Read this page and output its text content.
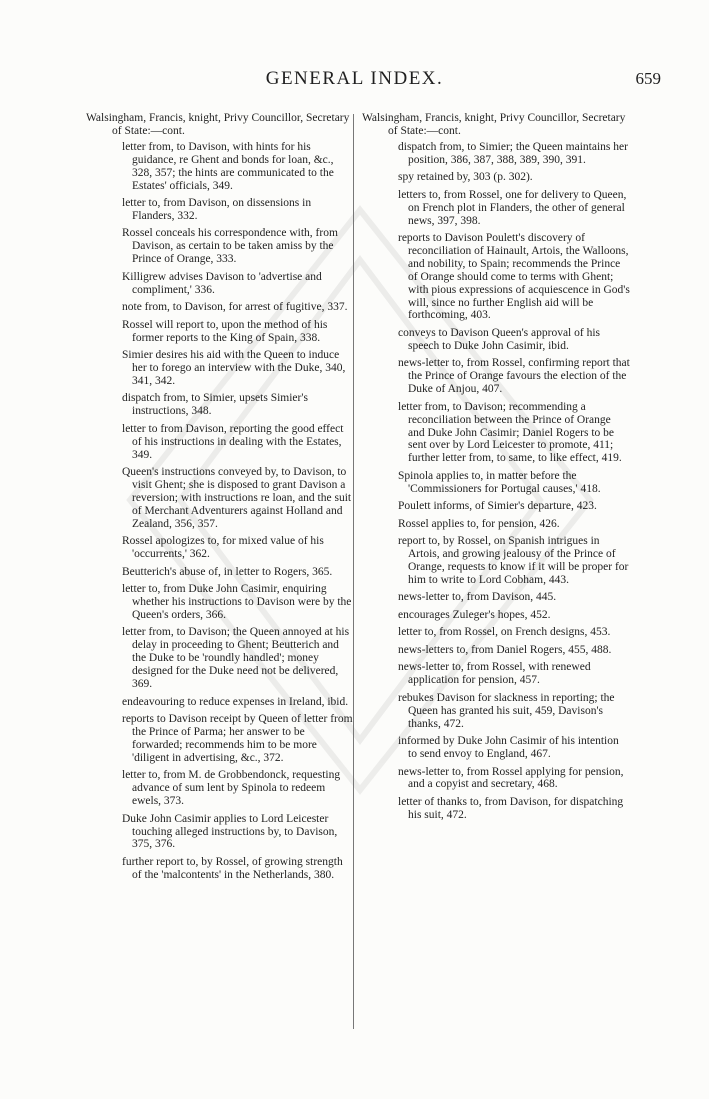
GENERAL INDEX.	659

Walsingham, Francis, knight, Privy Councillor, Secretary of State:—cont.

letter from, to Davison, with hints for his guidance, re Ghent and bonds for loan, &c., 328, 357; the hints are communicated to the Estates' officials, 349.

letter to, from Davison, on dissensions in Flanders, 332.

Rossel conceals his correspondence with, from Davison, as certain to be taken amiss by the Prince of Orange, 333.

Killigrew advises Davison to 'advertise and compliment,' 336.

note from, to Davison, for arrest of fugitive, 337.

Rossel will report to, upon the method of his former reports to the King of Spain, 338.

Simier desires his aid with the Queen to induce her to forego an interview with the Duke, 340, 341, 342.

dispatch from, to Simier, upsets Simier's instructions, 348.

letter to from Davison, reporting the good effect of his instructions in dealing with the Estates, 349.

Queen's instructions conveyed by, to Davison, to visit Ghent; she is disposed to grant Davison a reversion; with instructions re loan, and the suit of Merchant Adventurers against Holland and Zealand, 356, 357.

Rossel apologizes to, for mixed value of his 'occurrents,' 362.

Beutterich's abuse of, in letter to Rogers, 365.

letter to, from Duke John Casimir, enquiring whether his instructions to Davison were by the Queen's orders, 366.

letter from, to Davison; the Queen annoyed at his delay in proceeding to Ghent; Beutterich and the Duke to be 'roundly handled'; money designed for the Duke need not be delivered, 369.

endeavouring to reduce expenses in Ireland, ibid.

reports to Davison receipt by Queen of letter from the Prince of Parma; her answer to be forwarded; recommends him to be more 'diligent in advertising, &c., 372.

letter to, from M. de Grobbendonck, requesting advance of sum lent by Spinola to redeem ewels, 373.

Duke John Casimir applies to Lord Leicester touching alleged instructions by, to Davison, 375, 376.

further report to, by Rossel, of growing strength of the 'malcontents' in the Netherlands, 380.

Walsingham, Francis, knight, Privy Councillor, Secretary of State:—cont.

dispatch from, to Simier; the Queen maintains her position, 386, 387, 388, 389, 390, 391.

spy retained by, 303 (p. 302).

letters to, from Rossel, one for delivery to Queen, on French plot in Flanders, the other of general news, 397, 398.

reports to Davison Poulett's discovery of reconciliation of Hainault, Artois, the Walloons, and nobility, to Spain; recommends the Prince of Orange should come to terms with Ghent; with pious expressions of acquiescence in God's will, since no further English aid will be forthcoming, 403.

conveys to Davison Queen's approval of his speech to Duke John Casimir, ibid.

news-letter to, from Rossel, confirming report that the Prince of Orange favours the election of the Duke of Anjou, 407.

letter from, to Davison; recommending a reconciliation between the Prince of Orange and Duke John Casimir; Daniel Rogers to be sent over by Lord Leicester to promote, 411; further letter from, to same, to like effect, 419.

Spinola applies to, in matter before the 'Commissioners for Portugal causes,' 418.

Poulett informs, of Simier's departure, 423.

Rossel applies to, for pension, 426.

report to, by Rossel, on Spanish intrigues in Artois, and growing jealousy of the Prince of Orange, requests to know if it will be proper for him to write to Lord Cobham, 443.

news-letter to, from Davison, 445.

encourages Zuleger's hopes, 452.

letter to, from Rossel, on French designs, 453.

news-letters to, from Daniel Rogers, 455, 488.

news-letter to, from Rossel, with renewed application for pension, 457.

rebukes Davison for slackness in reporting; the Queen has granted his suit, 459, Davison's thanks, 472.

informed by Duke John Casimir of his intention to send envoy to England, 467.

news-letter to, from Rossel applying for pension, and a copyist and secretary, 468.

letter of thanks to, from Davison, for dispatching his suit, 472.
